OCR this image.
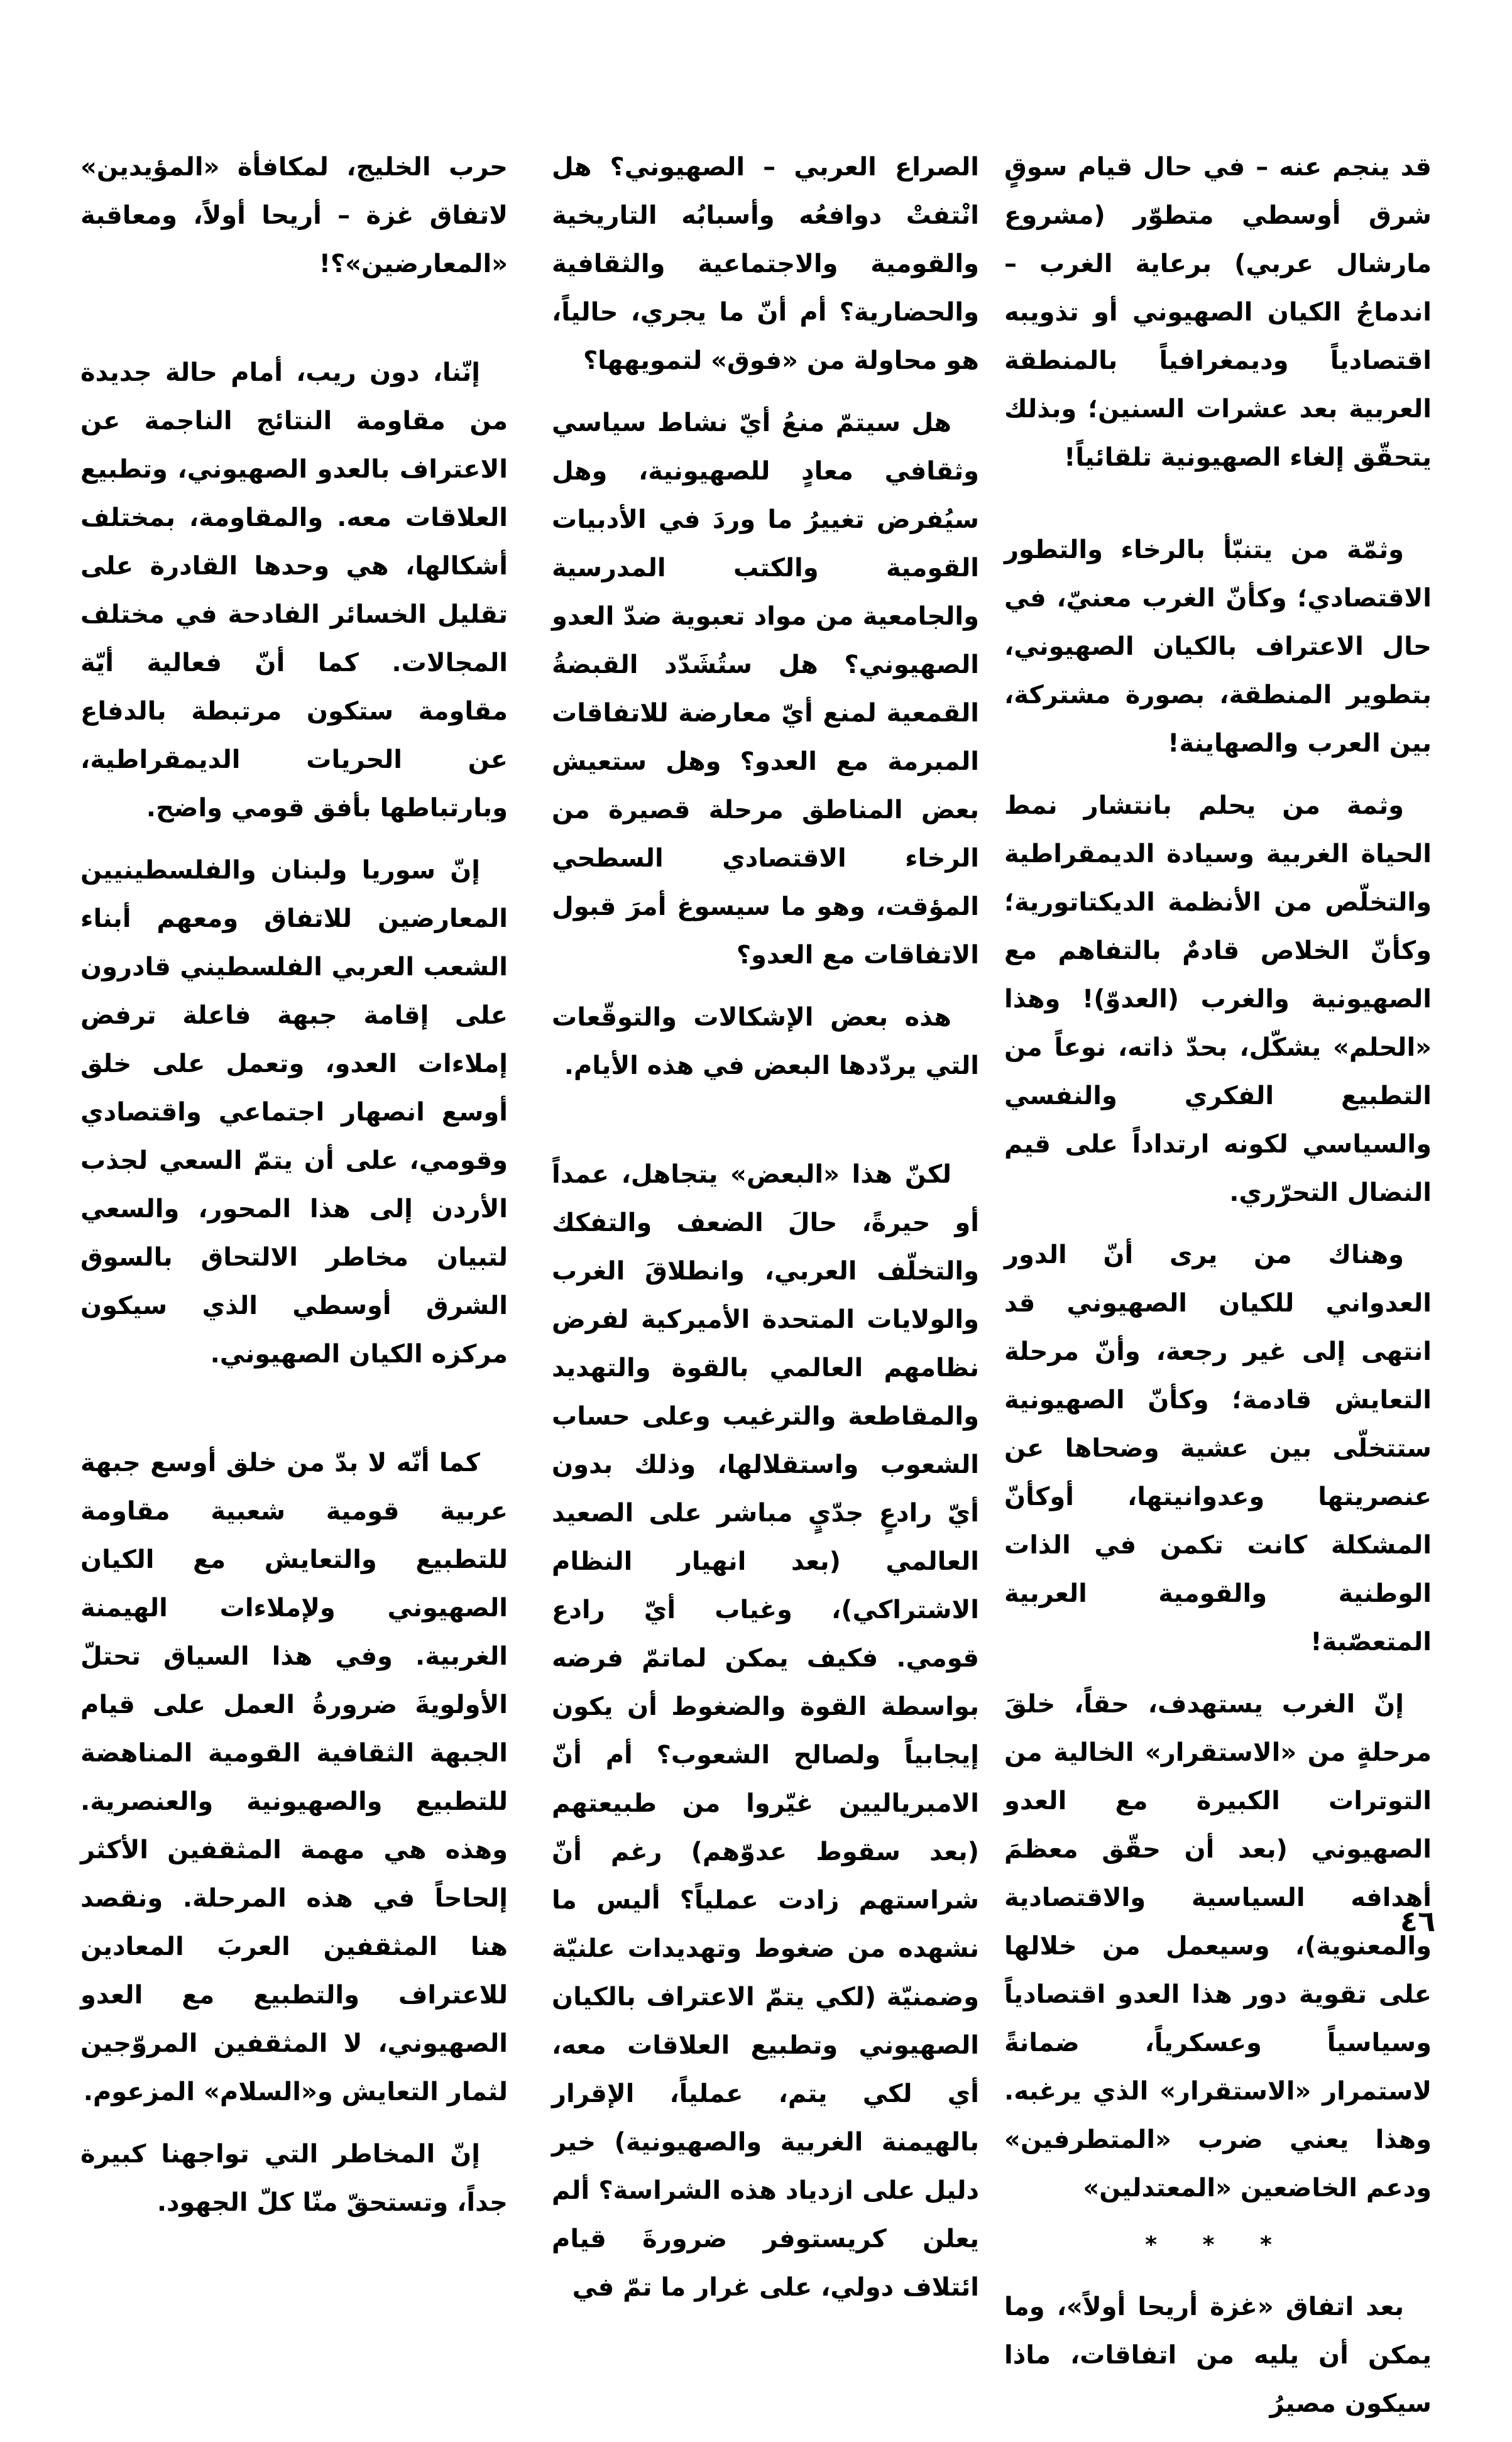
قد ينجم عنه – في حال قيام سوقٍ شرق أوسطي متطوّر (مشروع مارشال عربي) برعاية الغرب – اندماجُ الكيان الصهيوني أو تذويبه اقتصادياً وديمغرافياً بالمنطقة العربية بعد عشرات السنين؛ وبذلك يتحقّق إلغاء الصهيونية تلقائياً!

وثمّة من يتنبّأ بالرخاء والتطور الاقتصادي؛ وكأنّ الغرب معنيّ، في حال الاعتراف بالكيان الصهيوني، بتطوير المنطقة، بصورة مشتركة، بين العرب والصهاينة!

وثمة من يحلم بانتشار نمط الحياة الغربية وسيادة الديمقراطية والتخلّص من الأنظمة الديكتاتورية؛ وكأنّ الخلاص قادمٌ بالتفاهم مع الصهيونية والغرب (العدوّ)! وهذا «الحلم» يشكّل، بحدّ ذاته، نوعاً من التطبيع الفكري والنفسي والسياسي لكونه ارتداداً على قيم النضال التحرّري.

وهناك من يرى أنّ الدور العدواني للكيان الصهيوني قد انتهى إلى غير رجعة، وأنّ مرحلة التعايش قادمة؛ وكأنّ الصهيونية ستتخلّى بين عشية وضحاها عن عنصريتها وعدوانيتها، أوكأنّ المشكلة كانت تكمن في الذات الوطنية والقومية العربية المتعصّبة!

إنّ الغرب يستهدف، حقاً، خلقَ مرحلةٍ من «الاستقرار» الخالية من التوترات الكبيرة مع العدو الصهيوني (بعد أن حقّق معظمَ أهدافه السياسية والاقتصادية والمعنوية)، وسيعمل من خلالها على تقوية دور هذا العدو اقتصادياً وسياسياً وعسكرياً، ضمانةً لاستمرار «الاستقرار» الذي يرغبه. وهذا يعني ضرب «المتطرفين» ودعم الخاضعين «المعتدلين»

* * *

بعد اتفاق «غزة أريحا أولاً»، وما يمكن أن يليه من اتفاقات، ماذا سيكون مصيرُ

الصراع العربي – الصهيوني؟ هل انْتفتْ دوافعُه وأسبابُه التاريخية والقومية والاجتماعية والثقافية والحضارية؟ أم أنّ ما يجري، حالياً، هو محاولة من «فوق» لتمويهها؟

هل سيتمّ منعُ أيّ نشاط سياسي وثقافي معادٍ للصهيونية، وهل سيُفرض تغييرُ ما وردَ في الأدبيات القومية والكتب المدرسية والجامعية من مواد تعبوية ضدّ العدو الصهيوني؟ هل ستُشَدّد القبضةُ القمعية لمنع أيّ معارضة للاتفاقات المبرمة مع العدو؟ وهل ستعيش بعض المناطق مرحلة قصيرة من الرخاء الاقتصادي السطحي المؤقت، وهو ما سيسوغ أمرَ قبول الاتفاقات مع العدو؟

هذه بعض الإشكالات والتوقّعات التي يردّدها البعض في هذه الأيام.

لكنّ هذا «البعض» يتجاهل، عمداً أو حيرةً، حالَ الضعف والتفكك والتخلّف العربي، وانطلاقَ الغرب والولايات المتحدة الأميركية لفرض نظامهم العالمي بالقوة والتهديد والمقاطعة والترغيب وعلى حساب الشعوب واستقلالها، وذلك بدون أيّ رادعٍ جدّيٍ مباشر على الصعيد العالمي (بعد انهيار النظام الاشتراكي)، وغياب أيّ رادع قومي. فكيف يمكن لماتمّ فرضه بواسطة القوة والضغوط أن يكون إيجابياً ولصالح الشعوب؟ أم أنّ الامبرياليين غيّروا من طبيعتهم (بعد سقوط عدوّهم) رغم أنّ شراستهم زادت عملياً؟ أليس ما نشهده من ضغوط وتهديدات علنيّة وضمنيّة (لكي يتمّ الاعتراف بالكيان الصهيوني وتطبيع العلاقات معه، أي لكي يتم، عملياً، الإقرار بالهيمنة الغربية والصهيونية) خير دليل على ازدياد هذه الشراسة؟ ألم يعلن كريستوفر ضرورةَ قيام ائتلاف دولي، على غرار ما تمّ في

حرب الخليج، لمكافأة «المؤيدين» لاتفاق غزة – أريحا أولاً، ومعاقبة «المعارضين»؟!

إنّنا، دون ريب، أمام حالة جديدة من مقاومة النتائج الناجمة عن الاعتراف بالعدو الصهيوني، وتطبيع العلاقات معه. والمقاومة، بمختلف أشكالها، هي وحدها القادرة على تقليل الخسائر الفادحة في مختلف المجالات. كما أنّ فعالية أيّة مقاومة ستكون مرتبطة بالدفاع عن الحريات الديمقراطية، وبارتباطها بأفق قومي واضح.

إنّ سوريا ولبنان والفلسطينيين المعارضين للاتفاق ومعهم أبناء الشعب العربي الفلسطيني قادرون على إقامة جبهة فاعلة ترفض إملاءات العدو، وتعمل على خلق أوسع انصهار اجتماعي واقتصادي وقومي، على أن يتمّ السعي لجذب الأردن إلى هذا المحور، والسعي لتبيان مخاطر الالتحاق بالسوق الشرق أوسطي الذي سيكون مركزه الكيان الصهيوني.

كما أنّه لا بدّ من خلق أوسع جبهة عربية قومية شعبية مقاومة للتطبيع والتعايش مع الكيان الصهيوني ولإملاءات الهيمنة الغربية. وفي هذا السياق تحتلّ الأولويةَ ضرورةُ العمل على قيام الجبهة الثقافية القومية المناهضة للتطبيع والصهيونية والعنصرية. وهذه هي مهمة المثقفين الأكثر إلحاحاً في هذه المرحلة. ونقصد هنا المثقفين العربَ المعادين للاعتراف والتطبيع مع العدو الصهيوني، لا المثقفين المروّجين لثمار التعايش و«السلام» المزعوم.

إنّ المخاطر التي تواجهنا كبيرة جداً، وتستحقّ منّا كلّ الجهود.

٤٦
